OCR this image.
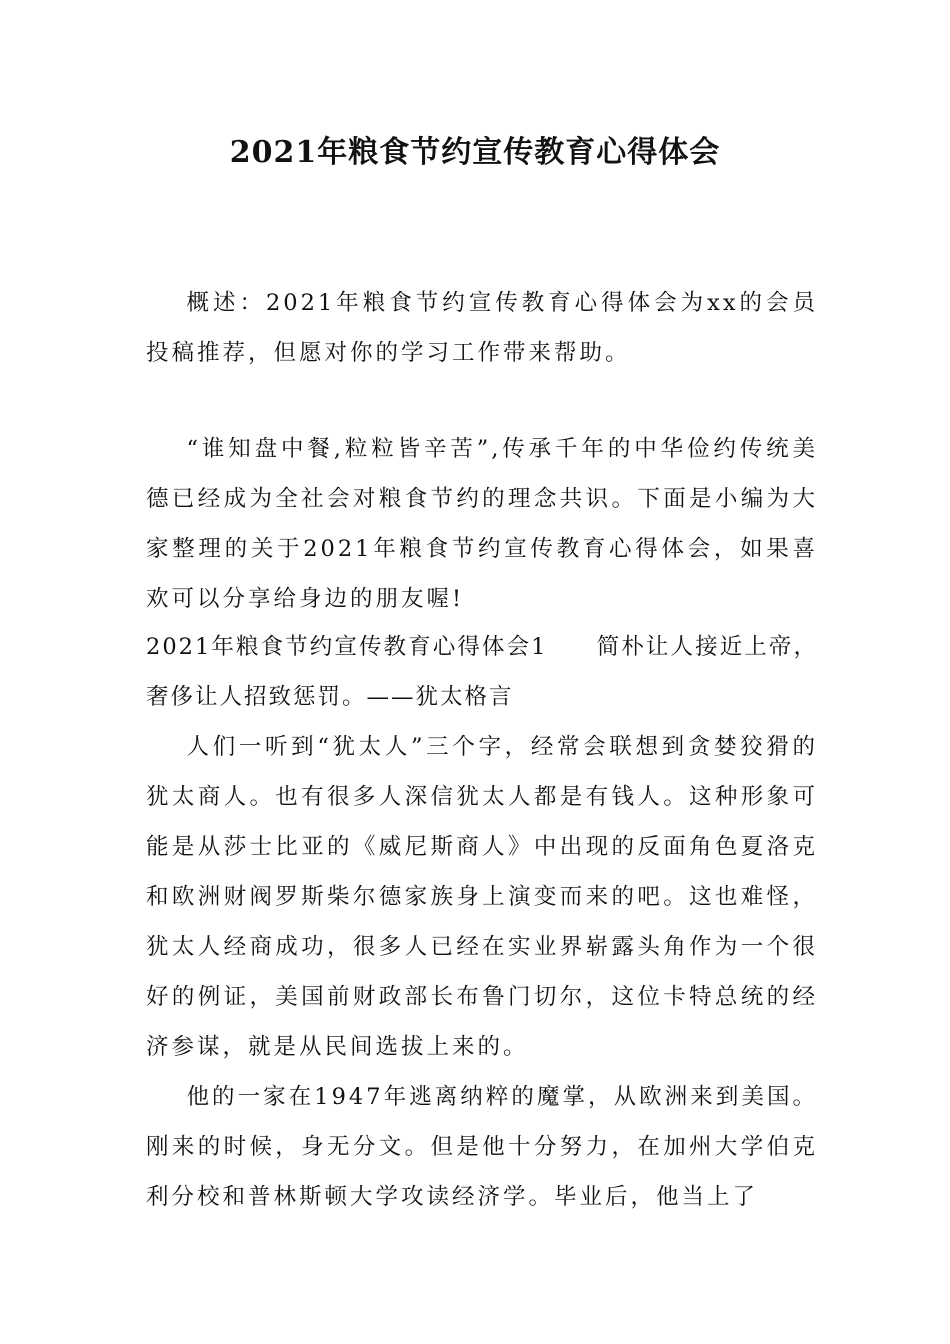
2021年粮食节约宣传教育心得体会

概述：2021年粮食节约宣传教育心得体会为xx的会员投稿推荐，但愿对你的学习工作带来帮助。

“谁知盘中餐,粒粒皆辛苦”,传承千年的中华俭约传统美德已经成为全社会对粮食节约的理念共识。下面是小编为大家整理的关于2021年粮食节约宣传教育心得体会，如果喜欢可以分享给身边的朋友喔!

2021年粮食节约宣传教育心得体会1　　简朴让人接近上帝，奢侈让人招致惩罚。——犹太格言

人们一听到“犹太人”三个字，经常会联想到贪婪狡猾的犹太商人。也有很多人深信犹太人都是有钱人。这种形象可能是从莎士比亚的《威尼斯商人》中出现的反面角色夏洛克和欧洲财阀罗斯柴尔德家族身上演变而来的吧。这也难怪，犹太人经商成功，很多人已经在实业界崭露头角作为一个很好的例证，美国前财政部长布鲁门切尔，这位卡特总统的经济参谋，就是从民间选拔上来的。

他的一家在1947年逃离纳粹的魔掌，从欧洲来到美国。刚来的时候，身无分文。但是他十分努力，在加州大学伯克利分校和普林斯顿大学攻读经济学。毕业后，他当上了
